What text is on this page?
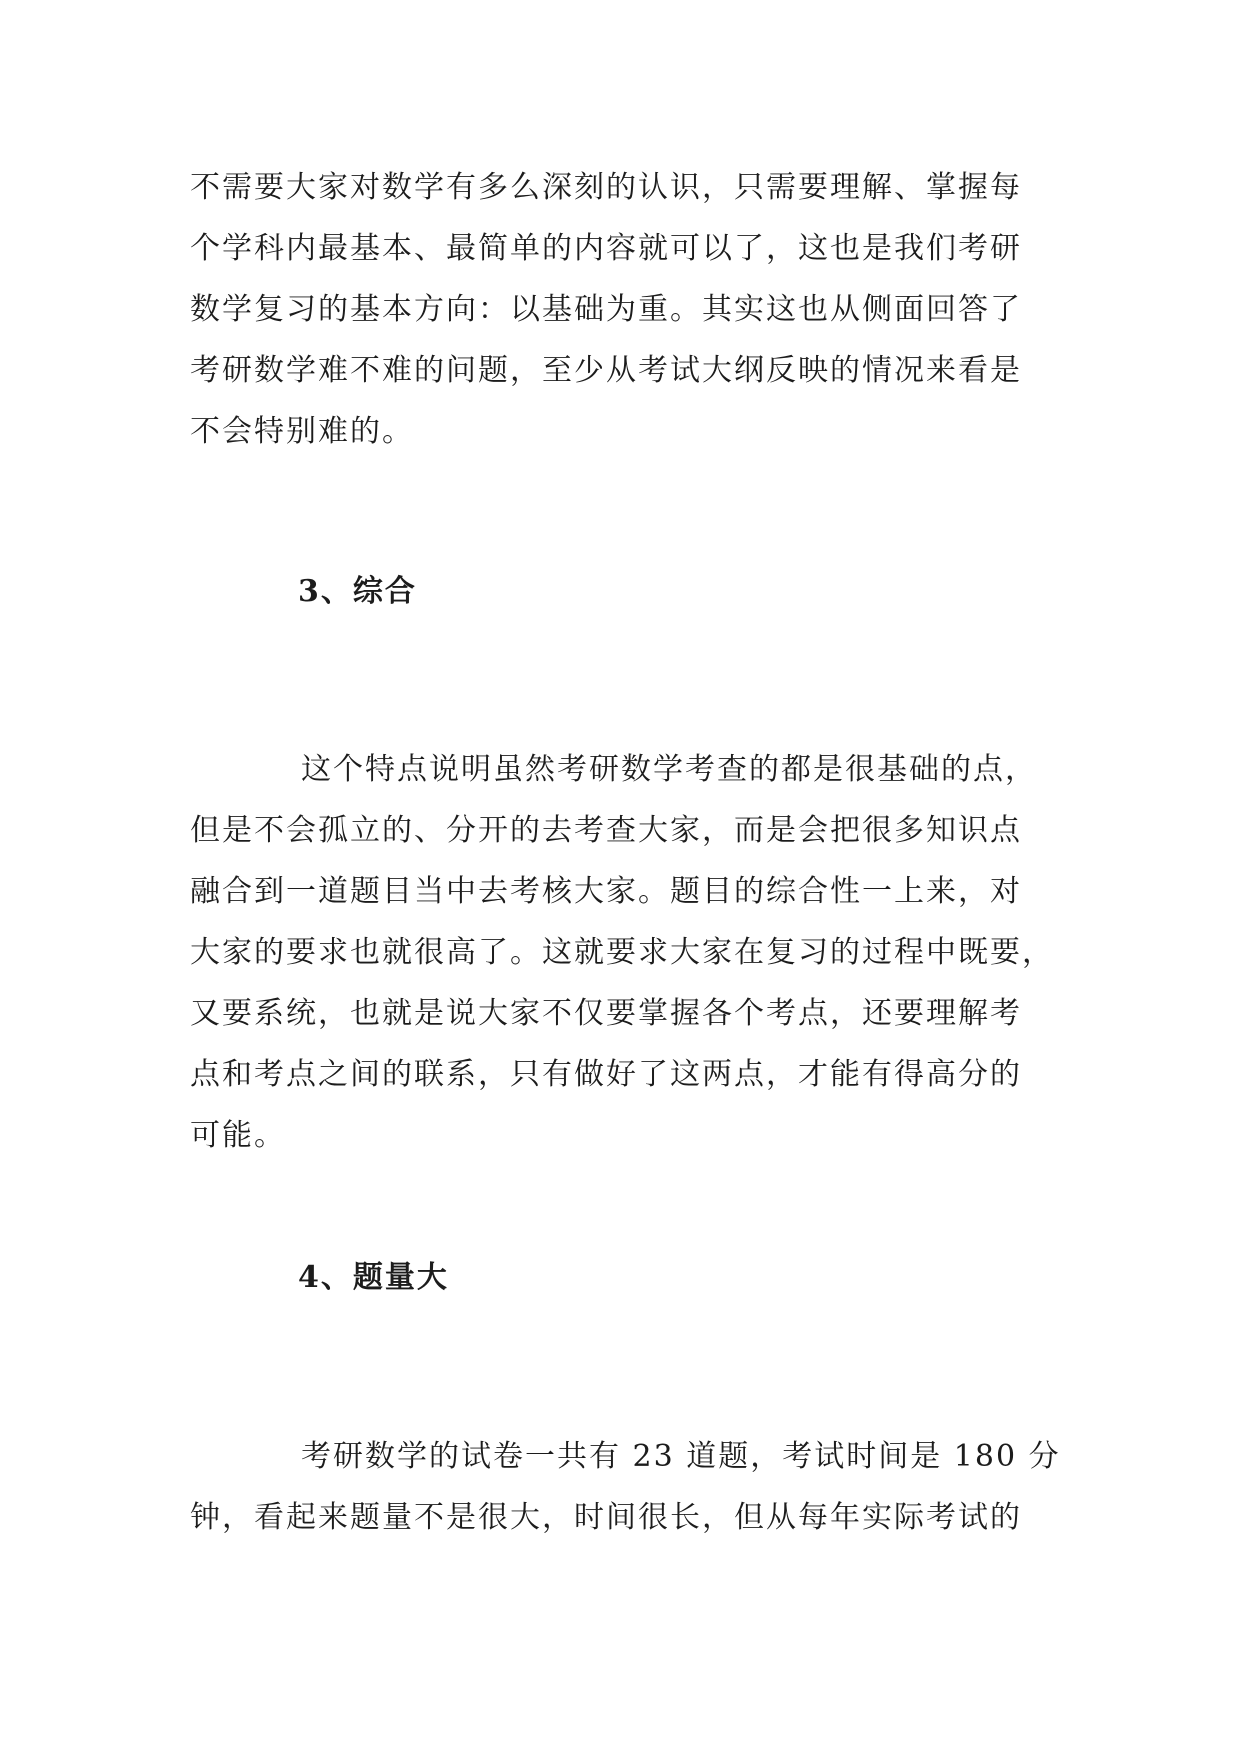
不需要大家对数学有多么深刻的认识，只需要理解、掌握每
个学科内最基本、最简单的内容就可以了，这也是我们考研
数学复习的基本方向：以基础为重。其实这也从侧面回答了
考研数学难不难的问题，至少从考试大纲反映的情况来看是
不会特别难的。

3、综合

这个特点说明虽然考研数学考查的都是很基础的点，
但是不会孤立的、分开的去考查大家，而是会把很多知识点
融合到一道题目当中去考核大家。题目的综合性一上来，对
大家的要求也就很高了。这就要求大家在复习的过程中既要，
又要系统，也就是说大家不仅要掌握各个考点，还要理解考
点和考点之间的联系，只有做好了这两点，才能有得高分的
可能。

4、题量大

考研数学的试卷一共有 23 道题，考试时间是 180 分
钟，看起来题量不是很大，时间很长，但从每年实际考试的
